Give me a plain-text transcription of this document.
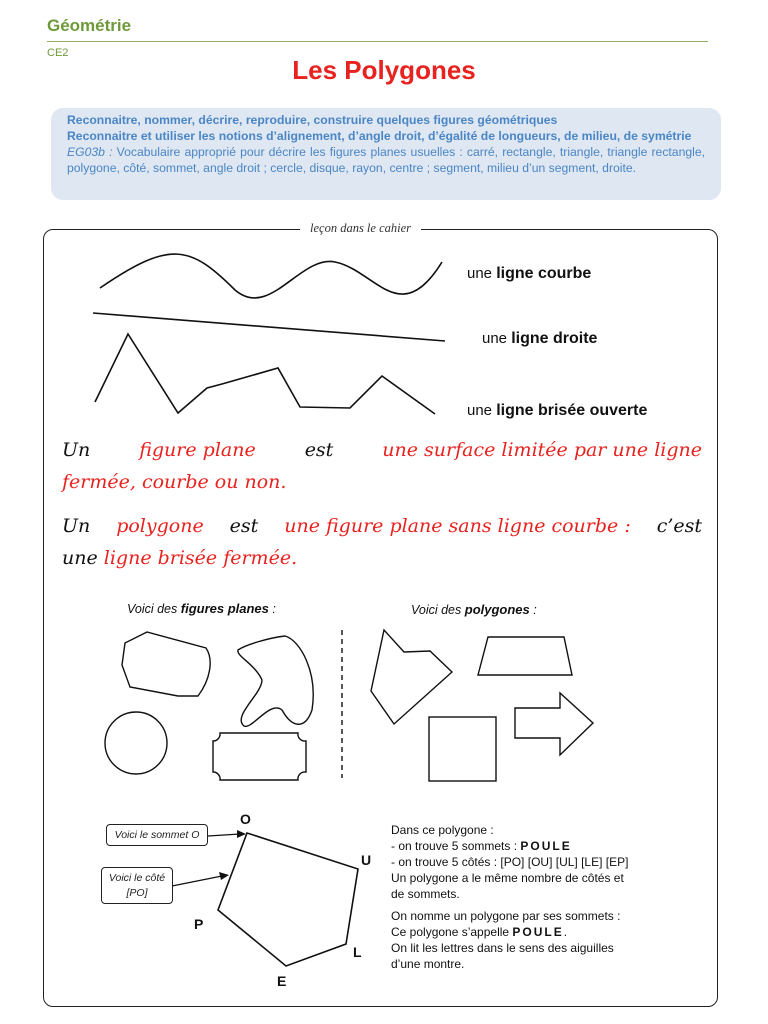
Géométrie
CE2
Les Polygones
Reconnaitre, nommer, décrire, reproduire, construire quelques figures géométriques
Reconnaitre et utiliser les notions d’alignement, d’angle droit, d’égalité de longueurs, de milieu, de symétrie

EG03b : Vocabulaire approprié pour décrire les figures planes usuelles : carré, rectangle, triangle, triangle rectangle, polygone, côté, sommet, angle droit ; cercle, disque, rayon, centre ; segment, milieu d’un segment, droite.

leçon dans le cahier
une ligne courbe
une ligne droite
une ligne brisée ouverte
Un	figure plane	est	une surface limitée par une ligne
fermée, courbe ou non.
Un polygone est une figure plane sans ligne courbe : c’est
une ligne brisée fermée.
Voici des figures planes :	Voici des polygones :
Voici le sommet O
Voici le côté
[PO]
O
U
L
E
P
Dans ce polygone :
- on trouve 5 sommets : POULE
- on trouve 5 côtés : [PO] [OU] [UL] [LE] [EP]
Un polygone a le même nombre de côtés et
de sommets.
On nomme un polygone par ses sommets :
Ce polygone s’appelle POULE.
On lit les lettres dans le sens des aiguilles
d’une montre.
